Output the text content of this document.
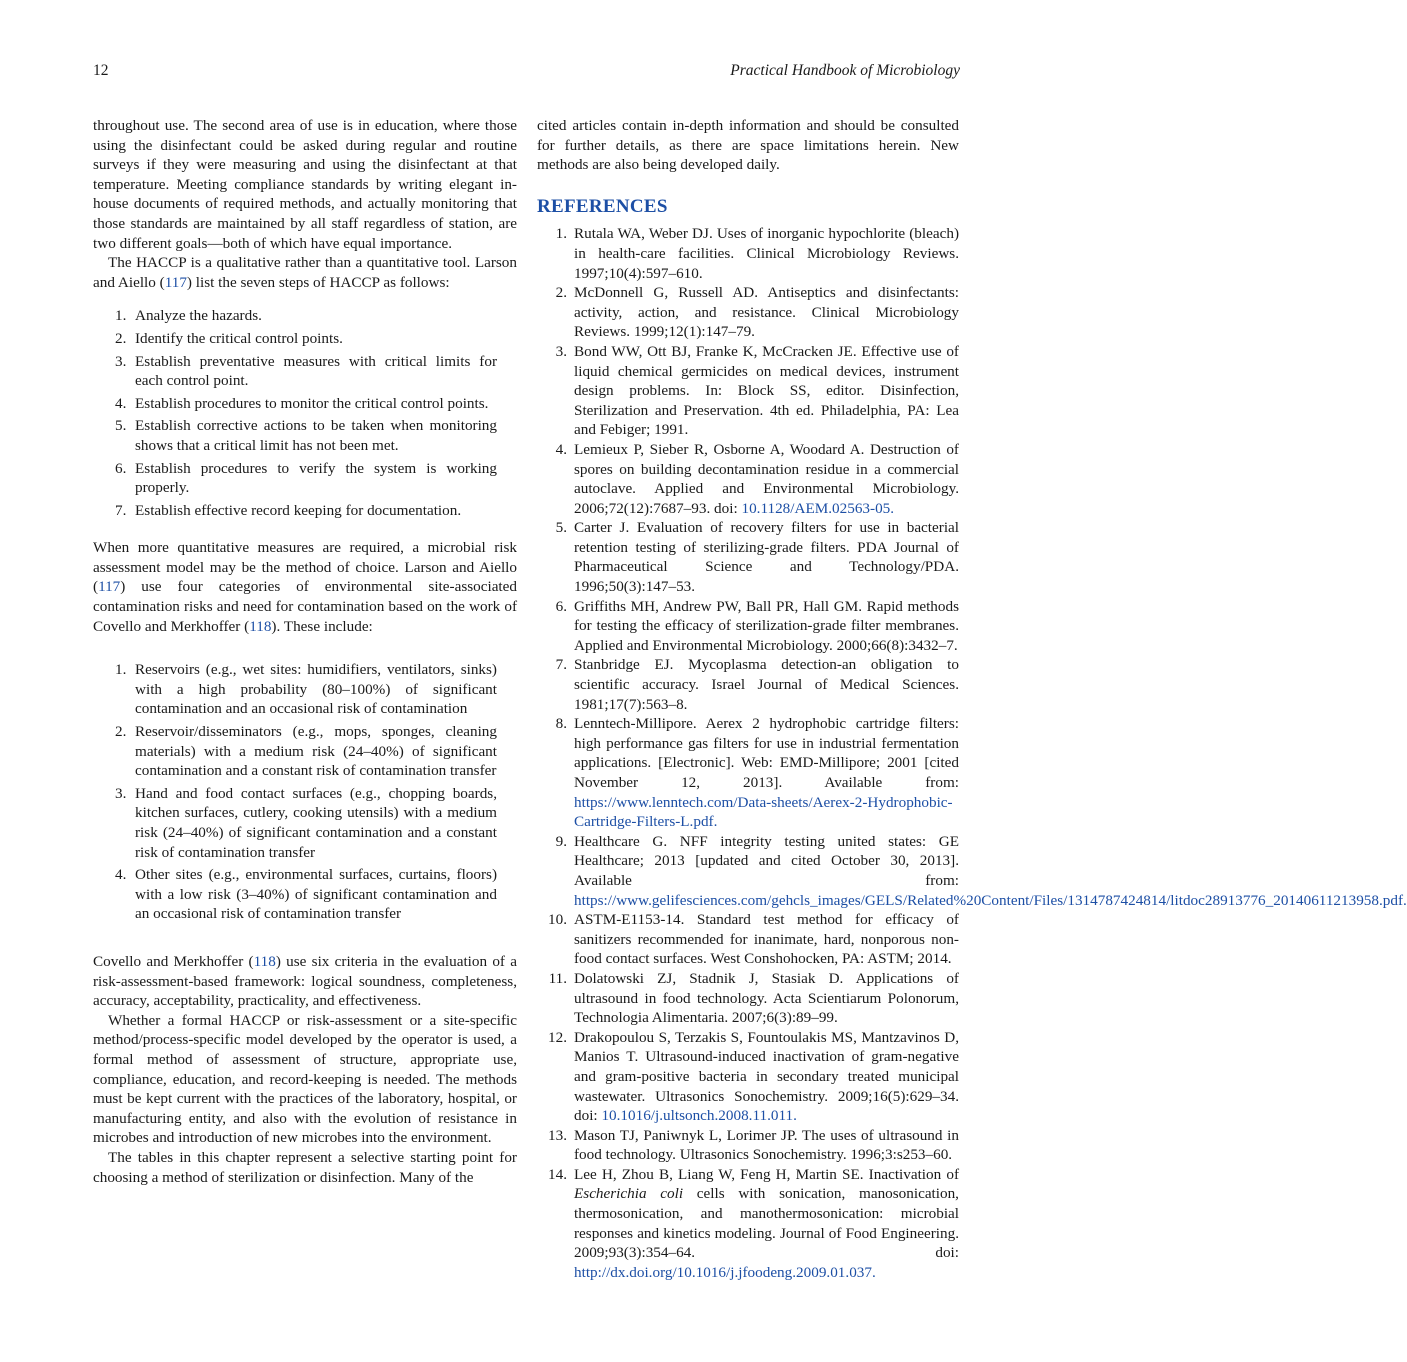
12	Practical Handbook of Microbiology

throughout use. The second area of use is in education, where those using the disinfectant could be asked during regular and routine surveys if they were measuring and using the disinfectant at that temperature. Meeting compliance standards by writing elegant in-house documents of required methods, and actually monitoring that those standards are maintained by all staff regardless of station, are two different goals—both of which have equal importance.

The HACCP is a qualitative rather than a quantitative tool. Larson and Aiello (117) list the seven steps of HACCP as follows:

1. Analyze the hazards.
2. Identify the critical control points.
3. Establish preventative measures with critical limits for each control point.
4. Establish procedures to monitor the critical control points.
5. Establish corrective actions to be taken when monitoring shows that a critical limit has not been met.
6. Establish procedures to verify the system is working properly.
7. Establish effective record keeping for documentation.

When more quantitative measures are required, a microbial risk assessment model may be the method of choice. Larson and Aiello (117) use four categories of environmental site-associated contamination risks and need for contamination based on the work of Covello and Merkhoffer (118). These include:

1. Reservoirs (e.g., wet sites: humidifiers, ventilators, sinks) with a high probability (80–100%) of significant contamination and an occasional risk of contamination
2. Reservoir/disseminators (e.g., mops, sponges, cleaning materials) with a medium risk (24–40%) of significant contamination and a constant risk of contamination transfer
3. Hand and food contact surfaces (e.g., chopping boards, kitchen surfaces, cutlery, cooking utensils) with a medium risk (24–40%) of significant contamination and a constant risk of contamination transfer
4. Other sites (e.g., environmental surfaces, curtains, floors) with a low risk (3–40%) of significant contamination and an occasional risk of contamination transfer

Covello and Merkhoffer (118) use six criteria in the evaluation of a risk-assessment-based framework: logical soundness, completeness, accuracy, acceptability, practicality, and effectiveness.

Whether a formal HACCP or risk-assessment or a site-specific method/process-specific model developed by the operator is used, a formal method of assessment of structure, appropriate use, compliance, education, and record-keeping is needed. The methods must be kept current with the practices of the laboratory, hospital, or manufacturing entity, and also with the evolution of resistance in microbes and introduction of new microbes into the environment.

The tables in this chapter represent a selective starting point for choosing a method of sterilization or disinfection. Many of the

cited articles contain in-depth information and should be consulted for further details, as there are space limitations herein. New methods are also being developed daily.

REFERENCES
1. Rutala WA, Weber DJ. Uses of inorganic hypochlorite (bleach) in health-care facilities. Clinical Microbiology Reviews. 1997;10(4):597–610.
2. McDonnell G, Russell AD. Antiseptics and disinfectants: activity, action, and resistance. Clinical Microbiology Reviews. 1999;12(1):147–79.
3. Bond WW, Ott BJ, Franke K, McCracken JE. Effective use of liquid chemical germicides on medical devices, instrument design problems. In: Block SS, editor. Disinfection, Sterilization and Preservation. 4th ed. Philadelphia, PA: Lea and Febiger; 1991.
4. Lemieux P, Sieber R, Osborne A, Woodard A. Destruction of spores on building decontamination residue in a commercial autoclave. Applied and Environmental Microbiology. 2006;72(12):7687–93. doi: 10.1128/AEM.02563-05.
5. Carter J. Evaluation of recovery filters for use in bacterial retention testing of sterilizing-grade filters. PDA Journal of Pharmaceutical Science and Technology/PDA. 1996;50(3):147–53.
6. Griffiths MH, Andrew PW, Ball PR, Hall GM. Rapid methods for testing the efficacy of sterilization-grade filter membranes. Applied and Environmental Microbiology. 2000;66(8):3432–7.
7. Stanbridge EJ. Mycoplasma detection-an obligation to scientific accuracy. Israel Journal of Medical Sciences. 1981;17(7):563–8.
8. Lenntech-Millipore. Aerex 2 hydrophobic cartridge filters: high performance gas filters for use in industrial fermentation applications. [Electronic]. Web: EMD-Millipore; 2001 [cited November 12, 2013]. Available from: https://www.lenntech.com/Data-sheets/Aerex-2-Hydrophobic-Cartridge-Filters-L.pdf.
9. Healthcare G. NFF integrity testing united states: GE Healthcare; 2013 [updated and cited October 30, 2013]. Available from: https://www.gelifesciences.com/gehcls_images/GELS/Related%20Content/Files/1314787424814/litdoc28913776_20140611213958.pdf.
10. ASTM-E1153-14. Standard test method for efficacy of sanitizers recommended for inanimate, hard, nonporous non-food contact surfaces. West Conshohocken, PA: ASTM; 2014.
11. Dolatowski ZJ, Stadnik J, Stasiak D. Applications of ultrasound in food technology. Acta Scientiarum Polonorum, Technologia Alimentaria. 2007;6(3):89–99.
12. Drakopoulou S, Terzakis S, Fountoulakis MS, Mantzavinos D, Manios T. Ultrasound-induced inactivation of gram-negative and gram-positive bacteria in secondary treated municipal wastewater. Ultrasonics Sonochemistry. 2009;16(5):629–34. doi: 10.1016/j.ultsonch.2008.11.011.
13. Mason TJ, Paniwnyk L, Lorimer JP. The uses of ultrasound in food technology. Ultrasonics Sonochemistry. 1996;3:s253–60.
14. Lee H, Zhou B, Liang W, Feng H, Martin SE. Inactivation of Escherichia coli cells with sonication, manosonication, thermosonication, and manothermosonication: microbial responses and kinetics modeling. Journal of Food Engineering. 2009;93(3):354–64. doi: http://dx.doi.org/10.1016/j.jfoodeng.2009.01.037.
